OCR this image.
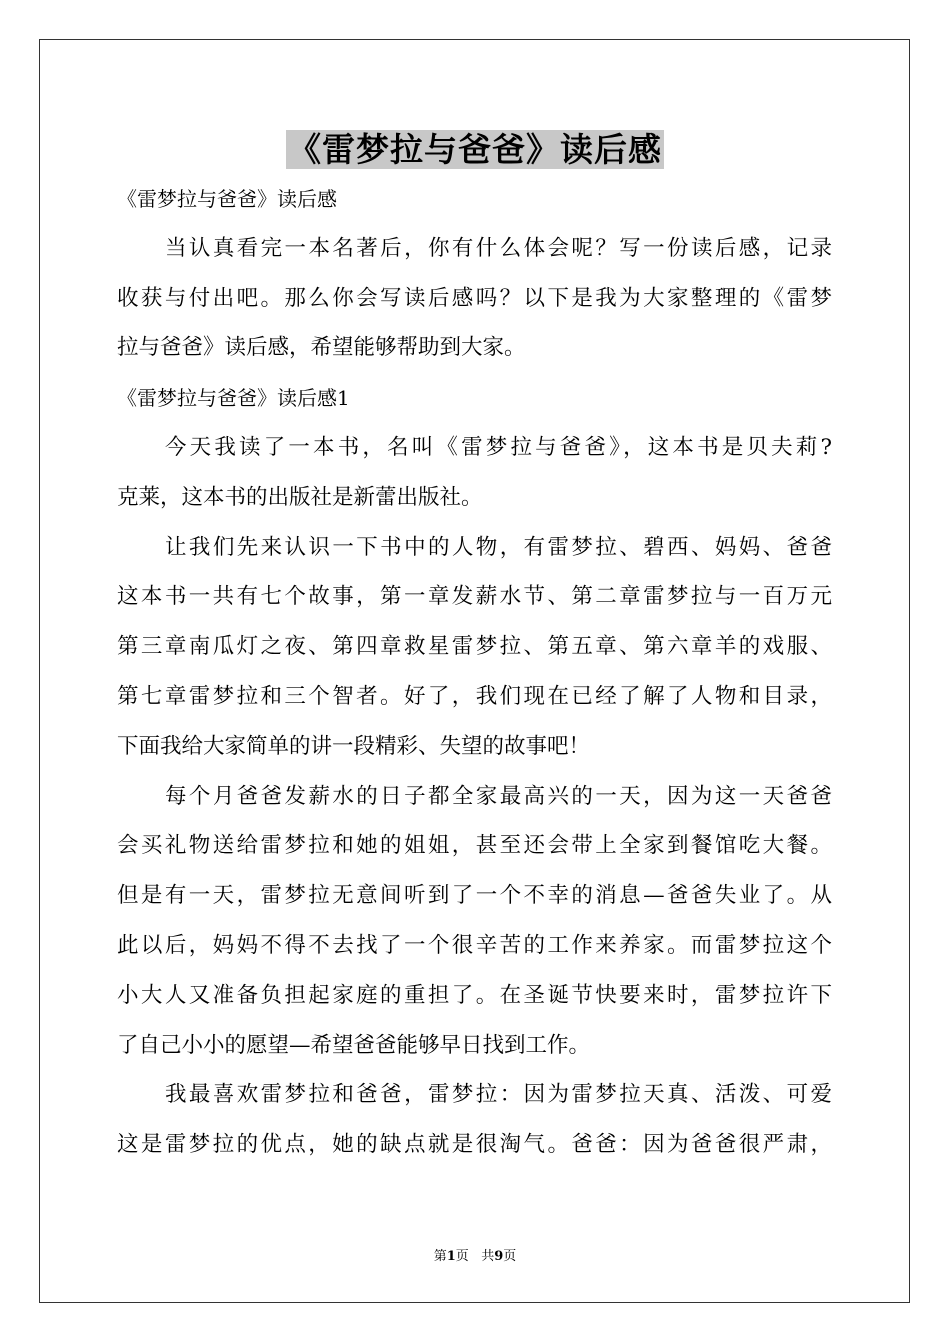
《雷梦拉与爸爸》读后感
《雷梦拉与爸爸》读后感
当认真看完一本名著后，你有什么体会呢？写一份读后感，记录
收获与付出吧。那么你会写读后感吗？以下是我为大家整理的《雷梦
拉与爸爸》读后感，希望能够帮助到大家。
《雷梦拉与爸爸》读后感1
今天我读了一本书，名叫《雷梦拉与爸爸》，这本书是贝夫莉?
克莱，这本书的出版社是新蕾出版社。
让我们先来认识一下书中的人物，有雷梦拉、碧西、妈妈、爸爸
这本书一共有七个故事，第一章发薪水节、第二章雷梦拉与一百万元
第三章南瓜灯之夜、第四章救星雷梦拉、第五章、第六章羊的戏服、
第七章雷梦拉和三个智者。好了，我们现在已经了解了人物和目录，
下面我给大家简单的讲一段精彩、失望的故事吧！
每个月爸爸发薪水的日子都全家最高兴的一天，因为这一天爸爸
会买礼物送给雷梦拉和她的姐姐，甚至还会带上全家到餐馆吃大餐。
但是有一天，雷梦拉无意间听到了一个不幸的消息—爸爸失业了。从
此以后，妈妈不得不去找了一个很辛苦的工作来养家。而雷梦拉这个
小大人又准备负担起家庭的重担了。在圣诞节快要来时，雷梦拉许下
了自己小小的愿望—希望爸爸能够早日找到工作。
我最喜欢雷梦拉和爸爸，雷梦拉：因为雷梦拉天真、活泼、可爱
这是雷梦拉的优点，她的缺点就是很淘气。爸爸：因为爸爸很严肃，
第1页 共9页
